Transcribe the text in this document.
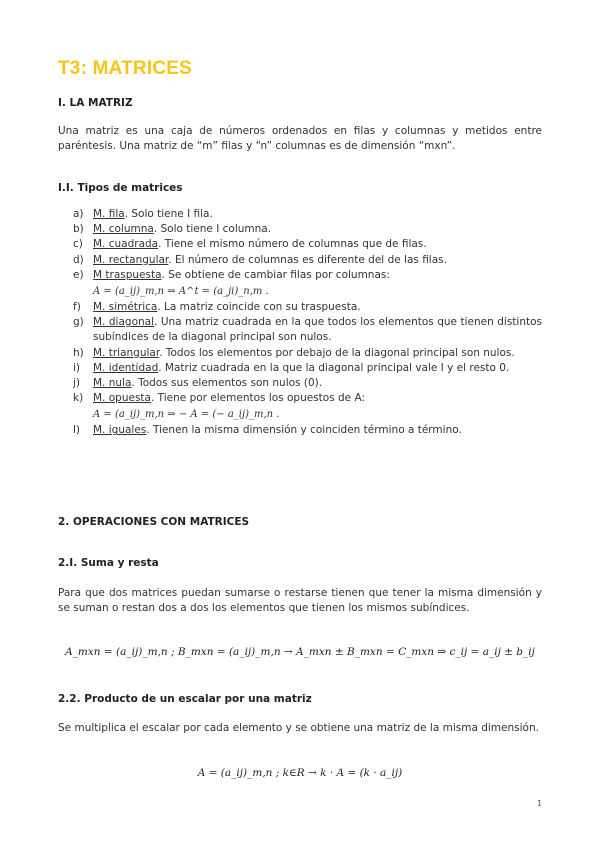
T3: MATRICES
I. LA MATRIZ
Una matriz es una caja de números ordenados en filas y columnas y metidos entre paréntesis. Una matriz de “m” filas y “n” columnas es de dimensión “mxn”.
I.I. Tipos de matrices
a) M. fila. Solo tiene I fila.
b) M. columna. Solo tiene I columna.
c) M. cuadrada. Tiene el mismo número de columnas que de filas.
d) M. rectangular. El número de columnas es diferente del de las filas.
e) M traspuesta. Se obtiene de cambiar filas por columnas:
A = (a_ij)_m,n ⇒ A^t = (a_ji)_n,m .
f) M. simétrica. La matriz coincide con su traspuesta.
g) M. diagonal. Una matriz cuadrada en la que todos los elementos que tienen distintos subíndices de la diagonal principal son nulos.
h) M. triangular. Todos los elementos por debajo de la diagonal principal son nulos.
i) M. identidad. Matriz cuadrada en la que la diagonal principal vale I y el resto 0.
j) M. nula. Todos sus elementos son nulos (0).
k) M. opuesta. Tiene por elementos los opuestos de A:
A = (a_ij)_m,n ⇒ − A = (− a_ij)_m,n .
l) M. iguales. Tienen la misma dimensión y coinciden término a término.
2. OPERACIONES CON MATRICES
2.I. Suma y resta
Para que dos matrices puedan sumarse o restarse tienen que tener la misma dimensión y se suman o restan dos a dos los elementos que tienen los mismos subíndices.
A_mxn = (a_ij)_m,n ; B_mxn = (a_ij)_m,n → A_mxn ± B_mxn = C_mxn ⇒ c_ij = a_ij ± b_ij
2.2. Producto de un escalar por una matriz
Se multiplica el escalar por cada elemento y se obtiene una matriz de la misma dimensión.
A = (a_ij)_m,n ; k∈R → k · A = (k · a_ij)
1
